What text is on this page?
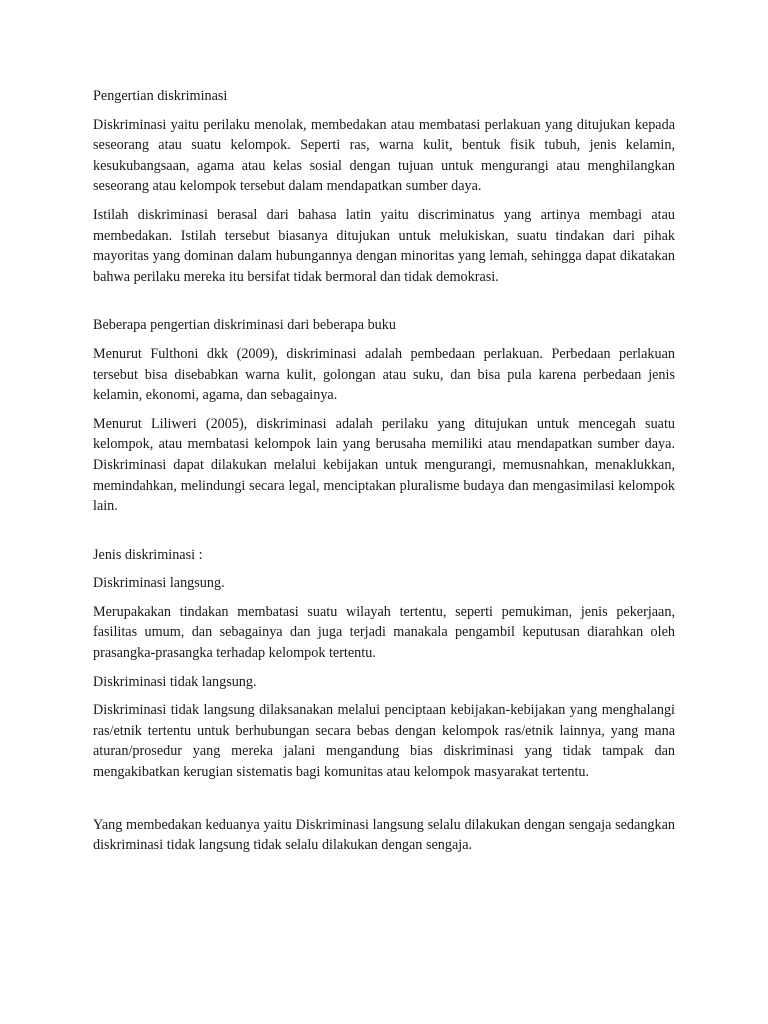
Pengertian diskriminasi

Diskriminasi yaitu perilaku menolak, membedakan atau membatasi perlakuan yang ditujukan kepada seseorang atau suatu kelompok. Seperti ras, warna kulit, bentuk fisik tubuh, jenis kelamin, kesukubangsaan, agama atau kelas sosial dengan tujuan untuk mengurangi atau menghilangkan seseorang atau kelompok tersebut dalam mendapatkan sumber daya.

Istilah diskriminasi berasal dari bahasa latin yaitu discriminatus yang artinya membagi atau membedakan. Istilah tersebut biasanya ditujukan untuk melukiskan, suatu tindakan dari pihak mayoritas yang dominan dalam hubungannya dengan minoritas yang lemah, sehingga dapat dikatakan bahwa perilaku mereka itu bersifat tidak bermoral dan tidak demokrasi.

Beberapa pengertian diskriminasi dari beberapa buku

Menurut Fulthoni dkk (2009), diskriminasi adalah pembedaan perlakuan. Perbedaan perlakuan tersebut bisa disebabkan warna kulit, golongan atau suku, dan bisa pula karena perbedaan jenis kelamin, ekonomi, agama, dan sebagainya.

Menurut Liliweri (2005), diskriminasi adalah perilaku yang ditujukan untuk mencegah suatu kelompok, atau membatasi kelompok lain yang berusaha memiliki atau mendapatkan sumber daya. Diskriminasi dapat dilakukan melalui kebijakan untuk mengurangi, memusnahkan, menaklukkan, memindahkan, melindungi secara legal, menciptakan pluralisme budaya dan mengasimilasi kelompok lain.

Jenis diskriminasi :

Diskriminasi langsung.

Merupakakan tindakan membatasi suatu wilayah tertentu, seperti pemukiman, jenis pekerjaan, fasilitas umum, dan sebagainya dan juga terjadi manakala pengambil keputusan diarahkan oleh prasangka-prasangka terhadap kelompok tertentu.

Diskriminasi tidak langsung.

Diskriminasi tidak langsung dilaksanakan melalui penciptaan kebijakan-kebijakan yang menghalangi ras/etnik tertentu untuk berhubungan secara bebas dengan kelompok ras/etnik lainnya, yang mana aturan/prosedur yang mereka jalani mengandung bias diskriminasi yang tidak tampak dan mengakibatkan kerugian sistematis bagi komunitas atau kelompok masyarakat tertentu.

Yang membedakan keduanya yaitu Diskriminasi langsung selalu dilakukan dengan sengaja sedangkan diskriminasi tidak langsung tidak selalu dilakukan dengan sengaja.
